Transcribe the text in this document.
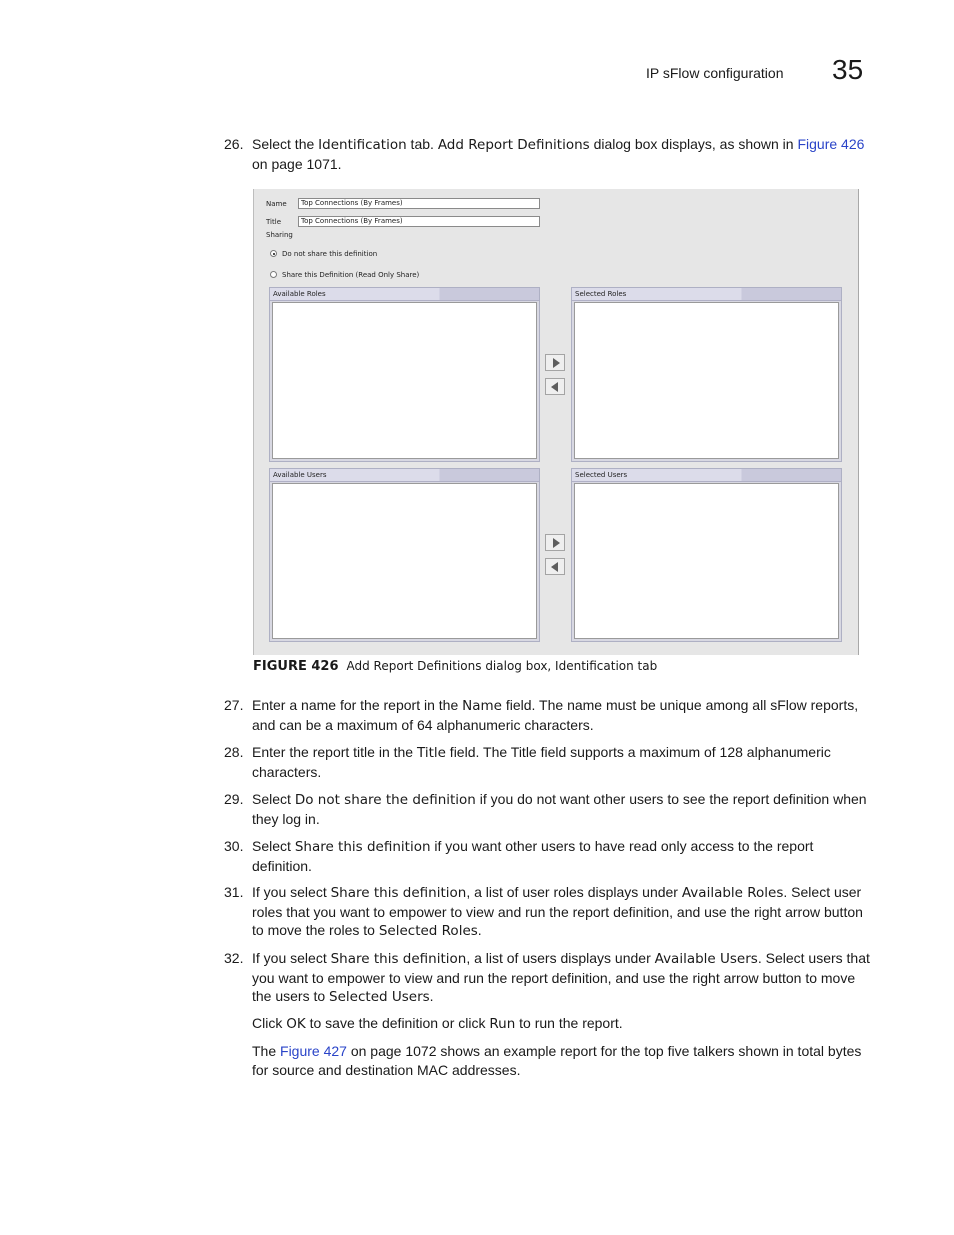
IP sFlow configuration 35
26. Select the Identification tab. Add Report Definitions dialog box displays, as shown in Figure 426 on page 1071.
Name	Top Connections (By Frames)
Title	Top Connections (By Frames)
Sharing
Do not share this definition
Share this Definition (Read Only Share)
Available Roles	Selected Roles
Available Users	Selected Users
FIGURE 426 Add Report Definitions dialog box, Identification tab
27. Enter a name for the report in the Name field. The name must be unique among all sFlow reports, and can be a maximum of 64 alphanumeric characters.
28. Enter the report title in the Title field. The Title field supports a maximum of 128 alphanumeric characters.
29. Select Do not share the definition if you do not want other users to see the report definition when they log in.
30. Select Share this definition if you want other users to have read only access to the report definition.
31. If you select Share this definition, a list of user roles displays under Available Roles. Select user roles that you want to empower to view and run the report definition, and use the right arrow button to move the roles to Selected Roles.
32. If you select Share this definition, a list of users displays under Available Users. Select users that you want to empower to view and run the report definition, and use the right arrow button to move the users to Selected Users.
Click OK to save the definition or click Run to run the report.
The Figure 427 on page 1072 shows an example report for the top five talkers shown in total bytes for source and destination MAC addresses.
